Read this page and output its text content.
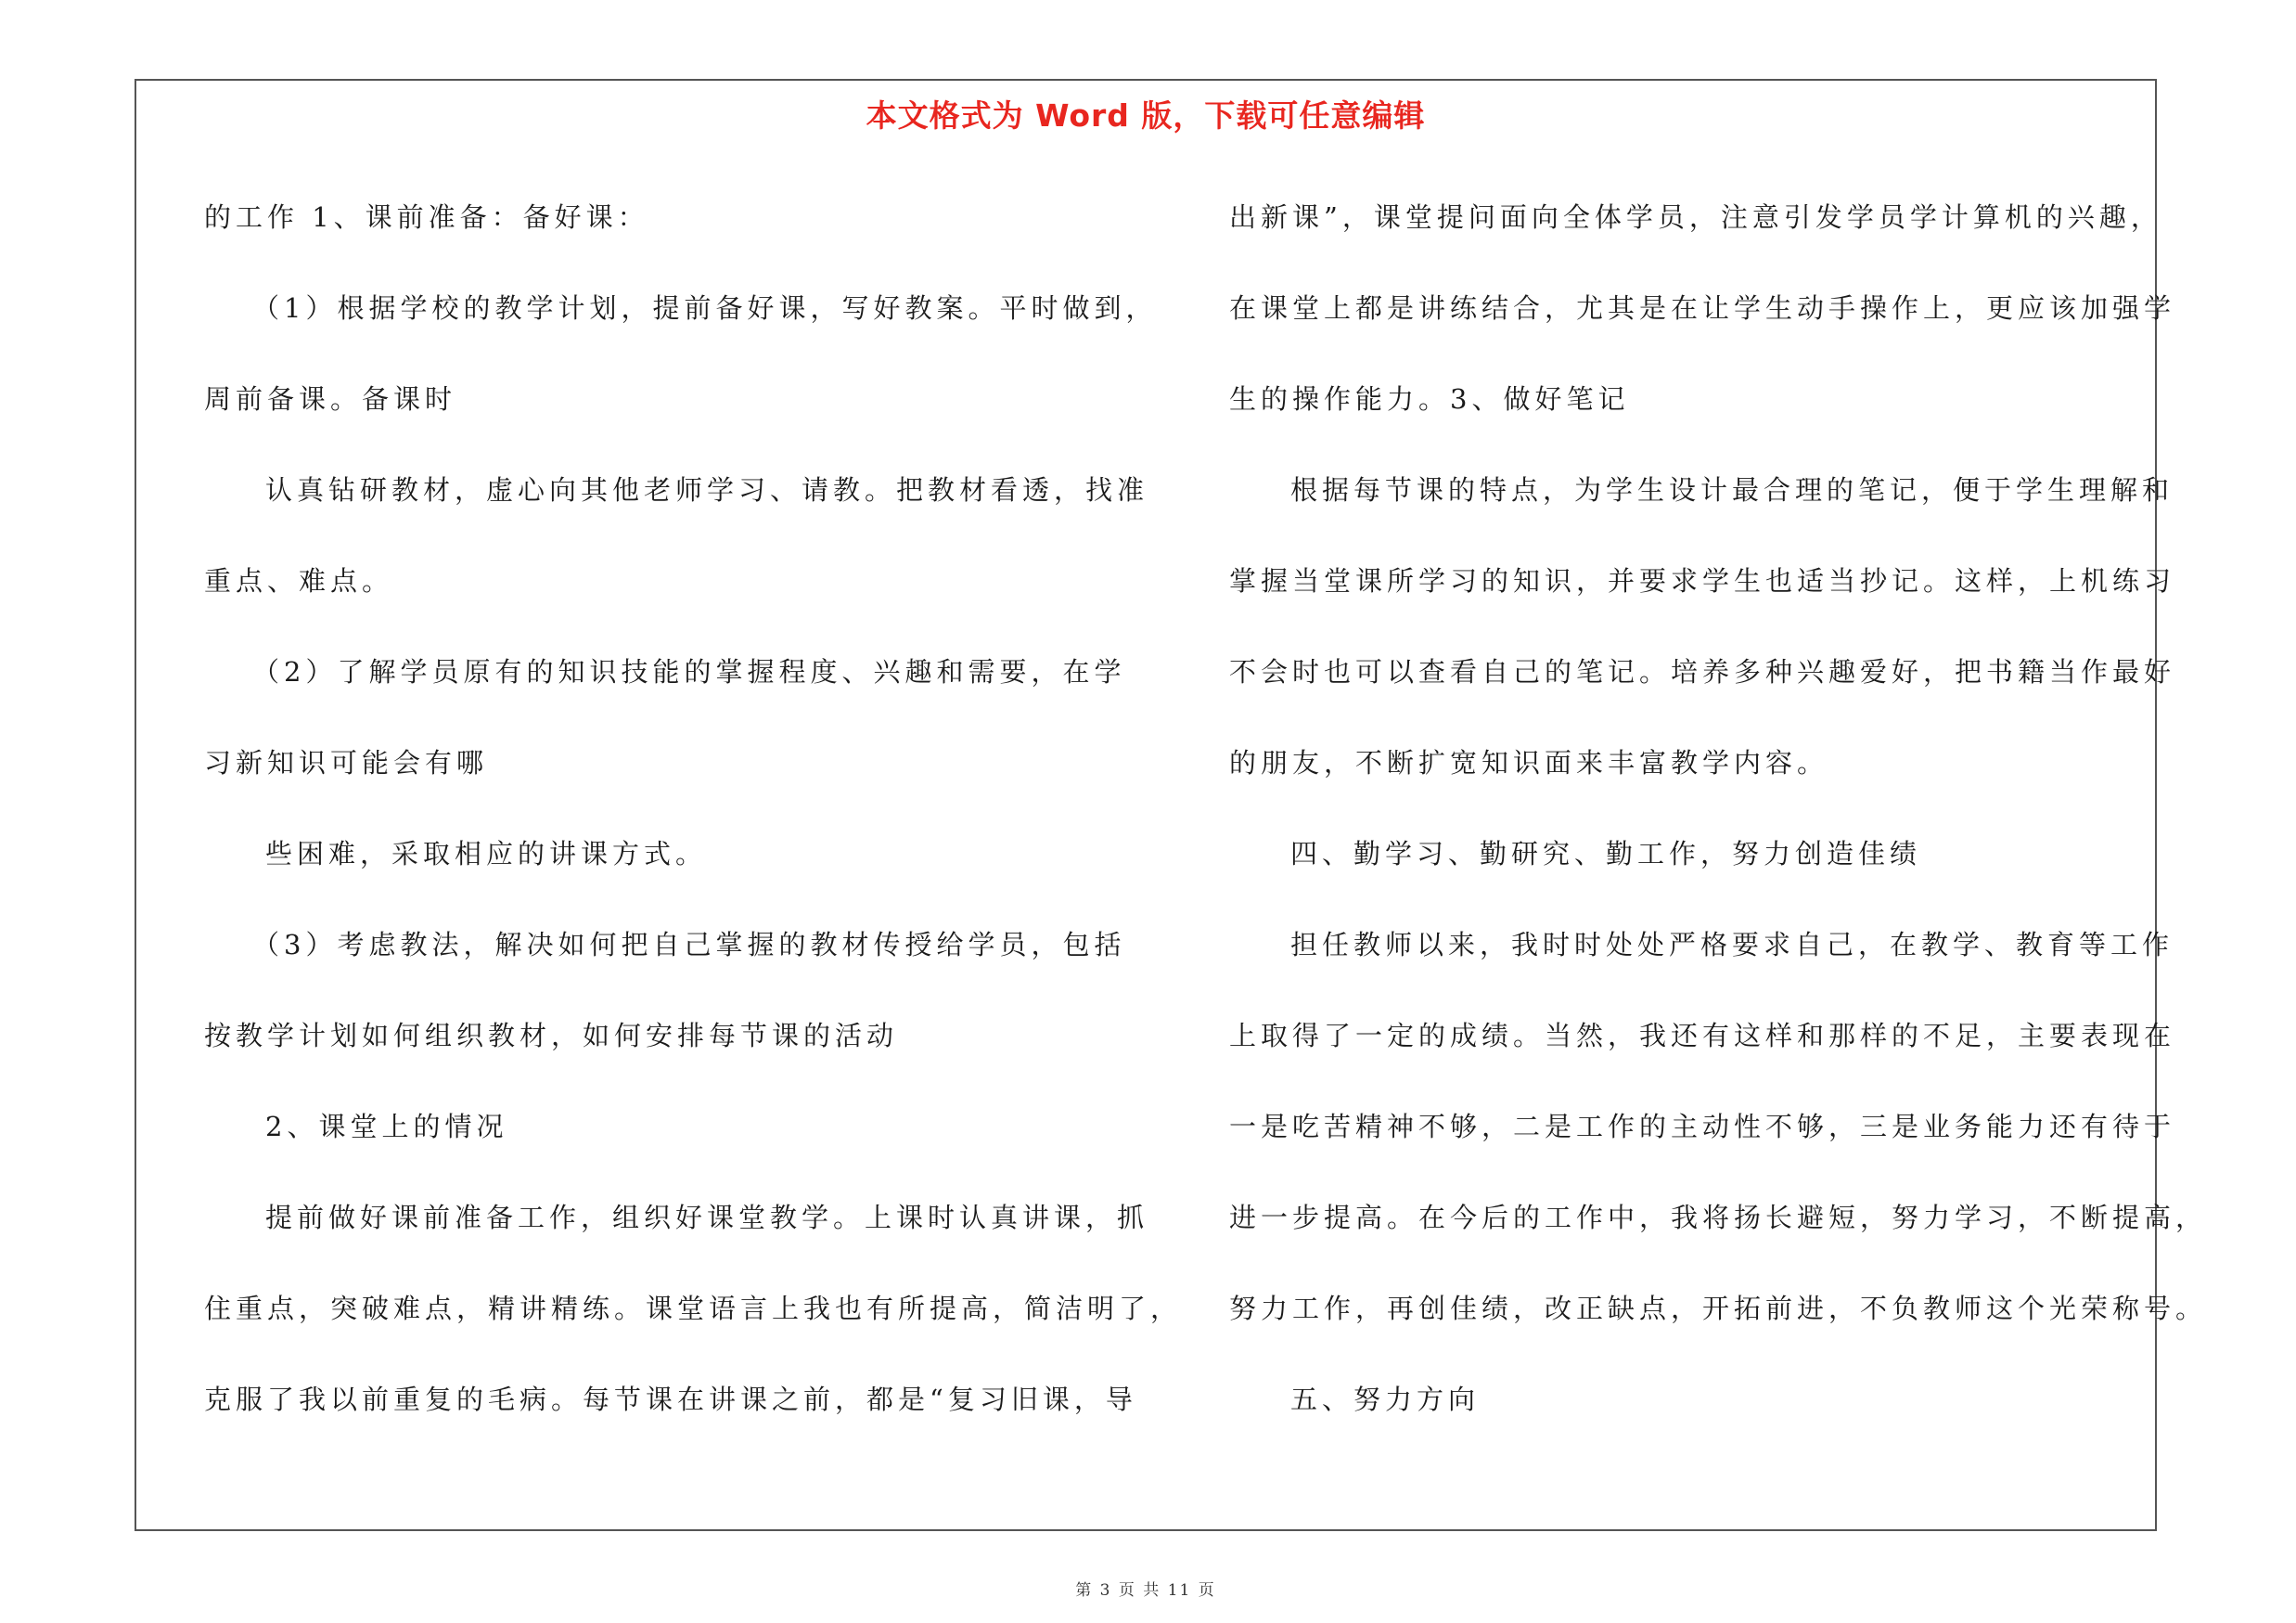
本文格式为 Word 版，下载可任意编辑
第 3 页 共 11 页

的工作 1、课前准备：备好课：

（1）根据学校的教学计划，提前备好课，写好教案。平时做到，

周前备课。备课时

认真钻研教材，虚心向其他老师学习、请教。把教材看透，找准

重点、难点。

（2）了解学员原有的知识技能的掌握程度、兴趣和需要，在学

习新知识可能会有哪

些困难，采取相应的讲课方式。

（3）考虑教法，解决如何把自己掌握的教材传授给学员，包括

按教学计划如何组织教材，如何安排每节课的活动

2、课堂上的情况

提前做好课前准备工作，组织好课堂教学。上课时认真讲课，抓

住重点，突破难点，精讲精练。课堂语言上我也有所提高，简洁明了，

克服了我以前重复的毛病。每节课在讲课之前，都是“复习旧课，导

出新课”，课堂提问面向全体学员，注意引发学员学计算机的兴趣，

在课堂上都是讲练结合，尤其是在让学生动手操作上，更应该加强学

生的操作能力。3、做好笔记

根据每节课的特点，为学生设计最合理的笔记，便于学生理解和

掌握当堂课所学习的知识，并要求学生也适当抄记。这样，上机练习

不会时也可以查看自己的笔记。培养多种兴趣爱好，把书籍当作最好

的朋友，不断扩宽知识面来丰富教学内容。

四、勤学习、勤研究、勤工作，努力创造佳绩

担任教师以来，我时时处处严格要求自己，在教学、教育等工作

上取得了一定的成绩。当然，我还有这样和那样的不足，主要表现在

一是吃苦精神不够，二是工作的主动性不够，三是业务能力还有待于

进一步提高。在今后的工作中，我将扬长避短，努力学习，不断提高，

努力工作，再创佳绩，改正缺点，开拓前进，不负教师这个光荣称号。

五、努力方向
